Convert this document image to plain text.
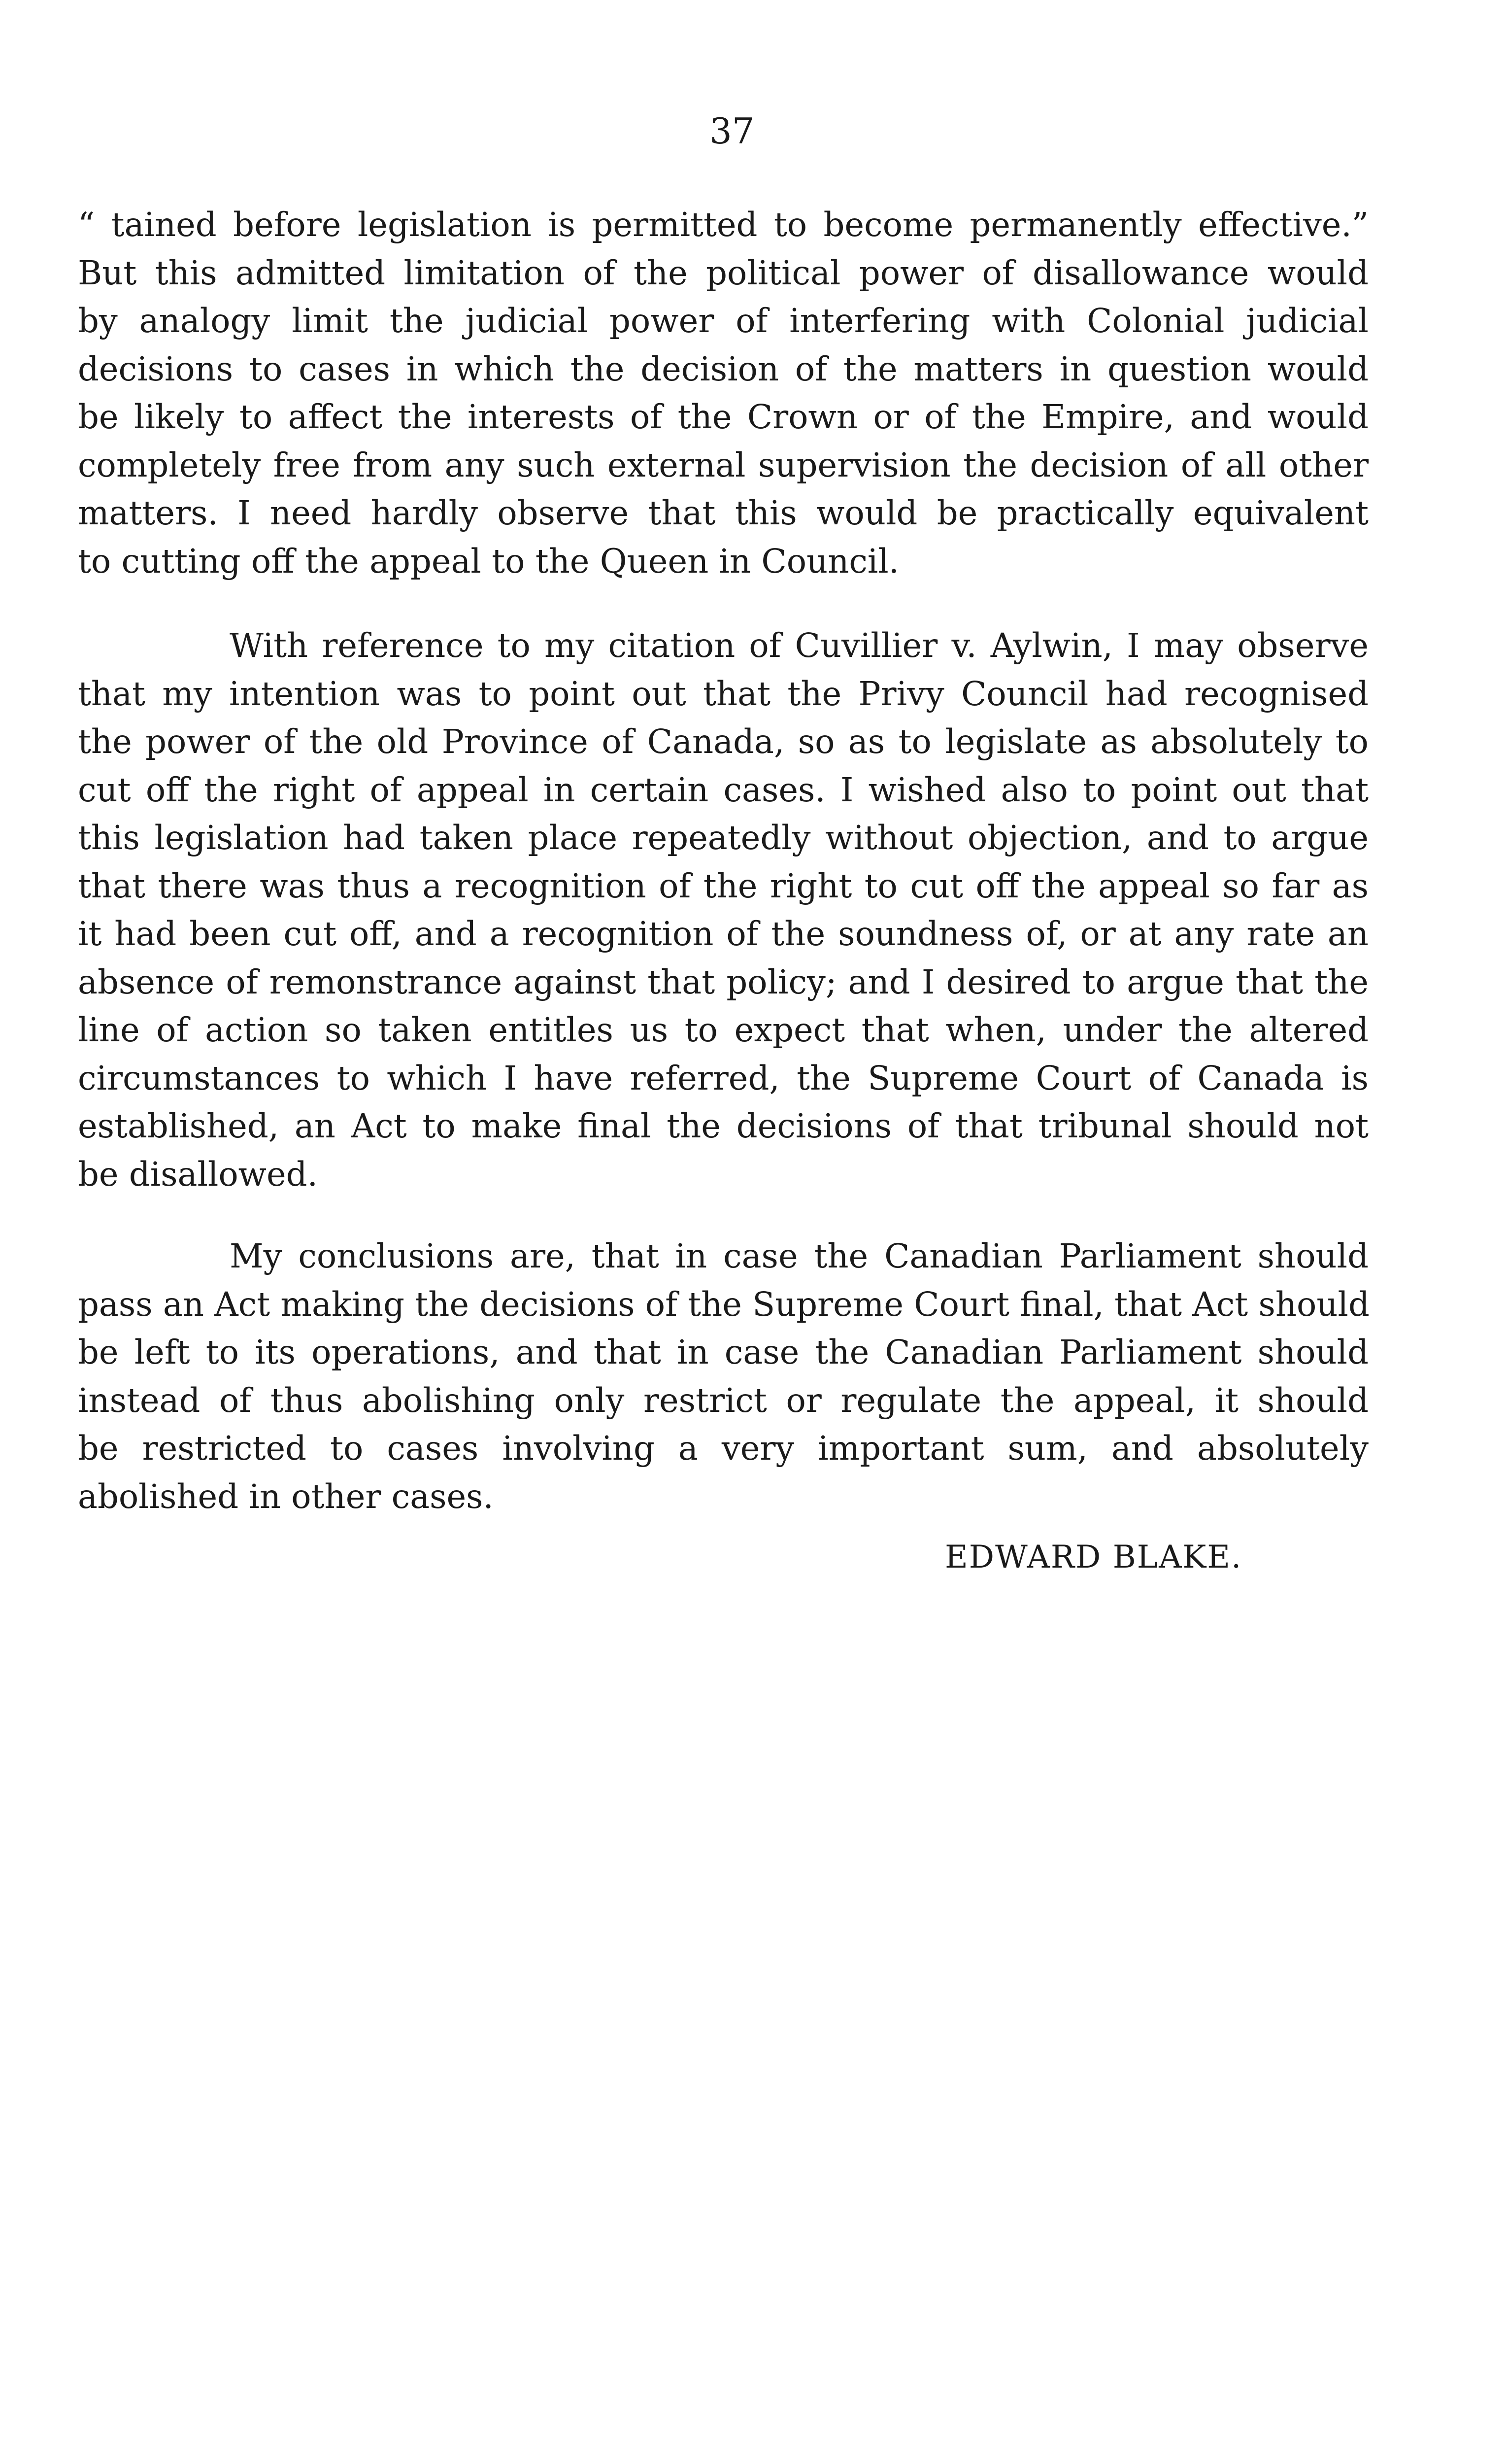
37
“ tained before legislation is permitted to become permanently effective.”
But this admitted limitation of the political power of disallowance would
by analogy limit the judicial power of interfering with Colonial judicial
decisions to cases in which the decision of the matters in question would
be likely to affect the interests of the Crown or of the Empire, and would
completely free from any such external supervision the decision of all other
matters. I need hardly observe that this would be practically equivalent
to cutting off the appeal to the Queen in Council.
With reference to my citation of Cuvillier v. Aylwin, I may observe
that my intention was to point out that the Privy Council had recognised
the power of the old Province of Canada, so as to legislate as absolutely to
cut off the right of appeal in certain cases. I wished also to point out that
this legislation had taken place repeatedly without objection, and to argue
that there was thus a recognition of the right to cut off the appeal so far as
it had been cut off, and a recognition of the soundness of, or at any rate an
absence of remonstrance against that policy; and I desired to argue that the
line of action so taken entitles us to expect that when, under the altered
circumstances to which I have referred, the Supreme Court of Canada is
established, an Act to make final the decisions of that tribunal should not
be disallowed.
My conclusions are, that in case the Canadian Parliament should
pass an Act making the decisions of the Supreme Court final, that Act should
be left to its operations, and that in case the Canadian Parliament should
instead of thus abolishing only restrict or regulate the appeal, it should
be restricted to cases involving a very important sum, and absolutely
abolished in other cases.
EDWARD BLAKE.
